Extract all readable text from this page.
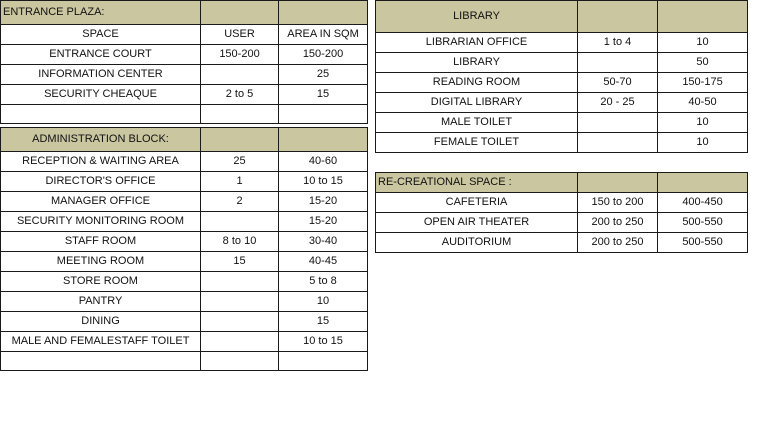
ENTRANCE PLAZA:		
SPACE	USER	AREA IN SQM
ENTRANCE COURT	150-200	150-200
INFORMATION CENTER		25
SECURITY CHEAQUE	2 to 5	15

ADMINISTRATION BLOCK:		
RECEPTION & WAITING AREA	25	40-60
DIRECTOR'S OFFICE	1	10 to 15
MANAGER OFFICE	2	15-20
SECURITY MONITORING ROOM		15-20
STAFF ROOM	8 to 10	30-40
MEETING ROOM	15	40-45
STORE ROOM		5 to 8
PANTRY		10
DINING		15
MALE AND FEMALESTAFF TOILET		10 to 15

LIBRARY		
LIBRARIAN OFFICE	1 to 4	10
LIBRARY		50
READING ROOM	50-70	150-175
DIGITAL LIBRARY	20 - 25	40-50
MALE TOILET		10
FEMALE TOILET		10
RE-CREATIONAL SPACE :		
CAFETERIA	150 to 200	400-450
OPEN AIR THEATER	200 to 250	500-550
AUDITORIUM	200 to 250	500-550
